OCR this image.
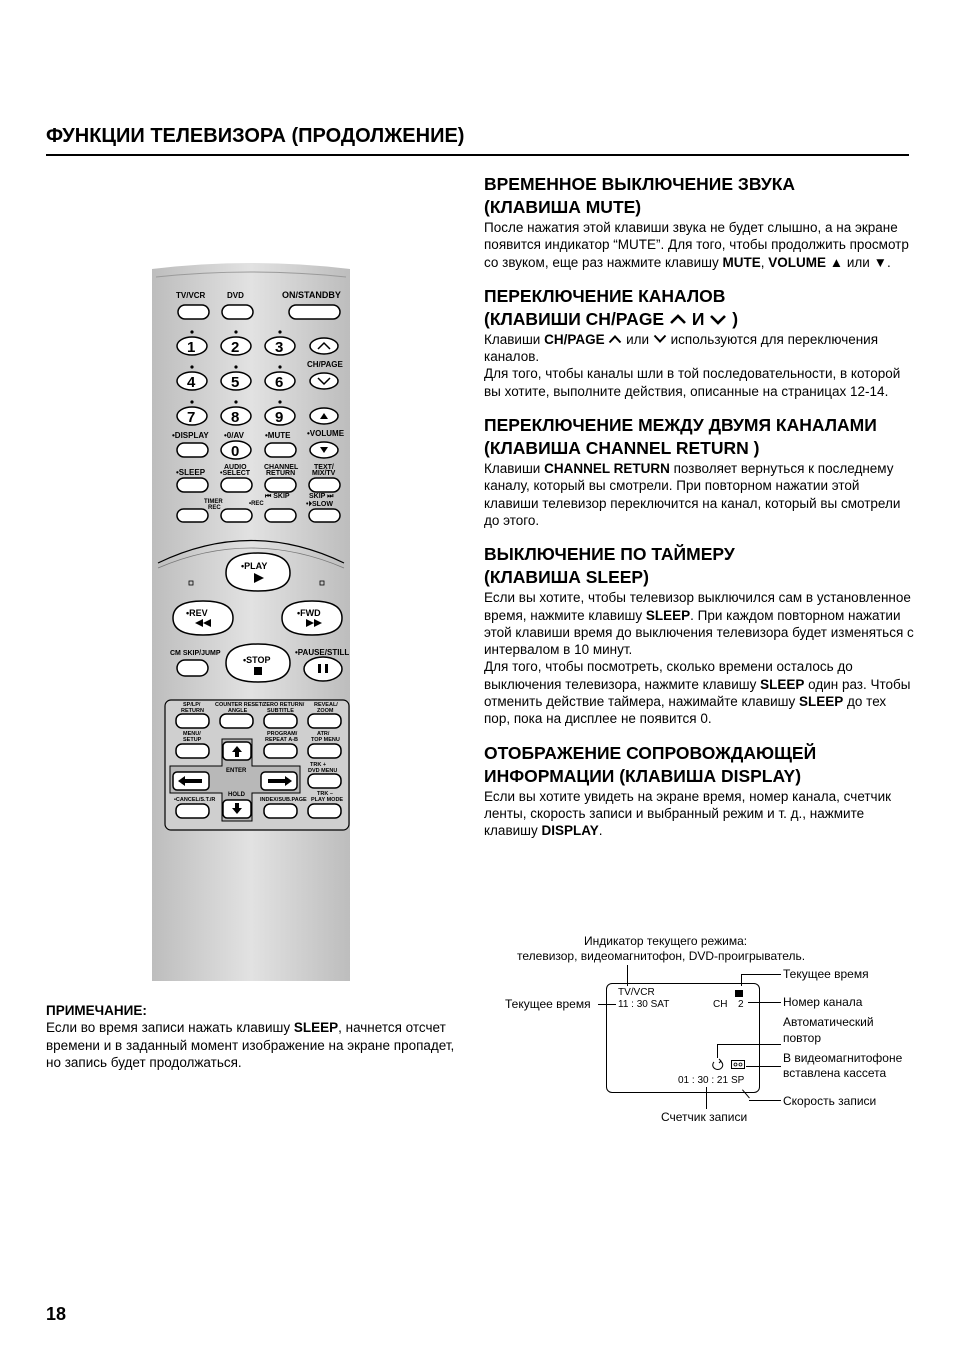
ФУНКЦИИ ТЕЛЕВИЗОРА (ПРОДОЛЖЕНИЕ)
TV/VCR	DVD	ON/STANDBY
1 2 3
4 5 6
7 8 9
CH/PAGE
•DISPLAY •0/AV	•MUTE •VOLUME
0
•SLEEP
AUDIO
•SELECT
CHANNEL
RETURN
TEXT/
MIX/TV
⏮ SKIP	SKIP ⏭
TIMER
REC
•REC	•⏵SLOW
•PLAY
•REV	•FWD
CM SKIP/JUMP	•PAUSE/STILL
•STOP
SP/LP/
RETURN
COUNTER RESET/
ANGLE
ZERO RETURN/
SUBTITLE
REVEAL/
ZOOM
MENU/
SETUP
PROGRAM/
REPEAT A-B
ATR/
TOP MENU
ENTER
HOLD
TRK +
DVD MENU
•CANCEL/S.T./R	INDEX/SUB.PAGE
TRK –
PLAY MODE
ВРЕМЕННОЕ ВЫКЛЮЧЕНИЕ ЗВУКА
(КЛАВИША MUTE)

После нажатия этой клавиши звука не будет слышно, а на экране появится индикатор “MUTE”. Для того, чтобы продолжить просмотр со звуком, еще раз нажмите клавишу MUTE, VOLUME ▲ или ▼.

ПЕРЕКЛЮЧЕНИЕ КАНАЛОВ
(КЛАВИШИ CH/PAGE И )

Клавиши CH/PAGE  или  используются для переключения каналов.
Для того, чтобы каналы шли в той последовательности, в которой вы хотите, выполните действия, описанные на страницах 12-14.

ПЕРЕКЛЮЧЕНИЕ МЕЖДУ ДВУМЯ КАНАЛАМИ
(КЛАВИША CHANNEL RETURN )

Клавиши CHANNEL RETURN позволяет вернуться к последнему каналу, который вы смотрели. При повторном нажатии этой клавиши телевизор переключится на канал, который вы смотрели до этого.

ВЫКЛЮЧЕНИЕ ПО ТАЙМЕРУ
(КЛАВИША SLEEP)

Если вы хотите, чтобы телевизор выключился сам в установленное время, нажмите клавишу SLEEP. При каждом повторном нажатии этой клавиши время до выключения телевизора будет изменяться с интервалом в 10 минут.
Для того, чтобы посмотреть, сколько времени осталось до выключения телевизора, нажмите клавишу SLEEP один раз. Чтобы отменить действие таймера, нажимайте клавишу SLEEP до тех пор, пока на дисплее не появится 0.

ОТОБРАЖЕНИЕ СОПРОВОЖДАЮЩЕЙ
ИНФОРМАЦИИ (КЛАВИША DISPLAY)

Если вы хотите увидеть на экране время, номер канала, счетчик ленты, скорость записи и выбранный режим и т. д., нажмите клавишу DISPLAY.

ПРИМЕЧАНИЕ:
Если во время записи нажать клавишу SLEEP, начнется отсчет времени и в заданный момент изображение на экране пропадет, но запись будет продолжаться.
Индикатор текущего режима:
телевизор, видеомагнитофон, DVD-проигрыватель.
Текущее время
Текущее время	Номер канала
Автоматический
повтор
В видеомагнитофоне
вставлена кассета
Скорость записи
Счетчик записи
TV/VCR
11 : 30 SAT	CH 2
01 : 30 : 21 SP
18
